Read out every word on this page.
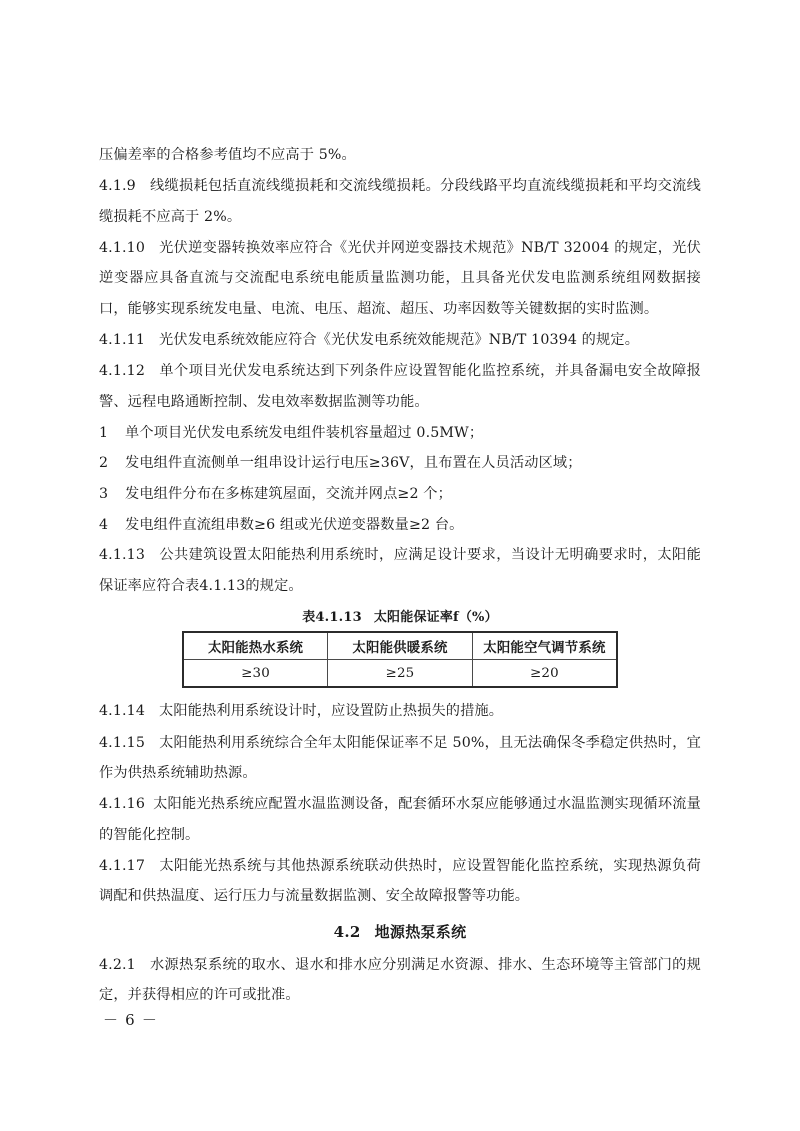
压偏差率的合格参考值均不应高于 5%。

4.1.9 线缆损耗包括直流线缆损耗和交流线缆损耗。分段线路平均直流线缆损耗和平均交流线缆损耗不应高于 2%。

4.1.10 光伏逆变器转换效率应符合《光伏并网逆变器技术规范》NB/T 32004 的规定，光伏逆变器应具备直流与交流配电系统电能质量监测功能，且具备光伏发电监测系统组网数据接口，能够实现系统发电量、电流、电压、超流、超压、功率因数等关键数据的实时监测。

4.1.11 光伏发电系统效能应符合《光伏发电系统效能规范》NB/T 10394 的规定。

4.1.12 单个项目光伏发电系统达到下列条件应设置智能化监控系统，并具备漏电安全故障报警、远程电路通断控制、发电效率数据监测等功能。

1 单个项目光伏发电系统发电组件装机容量超过 0.5MW；

2 发电组件直流侧单一组串设计运行电压≥36V，且布置在人员活动区域；

3 发电组件分布在多栋建筑屋面，交流并网点≥2 个；

4 发电组件直流组串数≥6 组或光伏逆变器数量≥2 台。

4.1.13 公共建筑设置太阳能热利用系统时，应满足设计要求，当设计无明确要求时，太阳能保证率应符合表4.1.13的规定。

表4.1.13 太阳能保证率f（%）
太阳能热水系统	太阳能供暖系统	太阳能空气调节系统
≥30	≥25	≥20

4.1.14 太阳能热利用系统设计时，应设置防止热损失的措施。

4.1.15 太阳能热利用系统综合全年太阳能保证率不足 50%，且无法确保冬季稳定供热时，宜作为供热系统辅助热源。

4.1.16 太阳能光热系统应配置水温监测设备，配套循环水泵应能够通过水温监测实现循环流量的智能化控制。

4.1.17 太阳能光热系统与其他热源系统联动供热时，应设置智能化监控系统，实现热源负荷调配和供热温度、运行压力与流量数据监测、安全故障报警等功能。

4.2 地源热泵系统

4.2.1 水源热泵系统的取水、退水和排水应分别满足水资源、排水、生态环境等主管部门的规定，并获得相应的许可或批准。

－ 6 －
